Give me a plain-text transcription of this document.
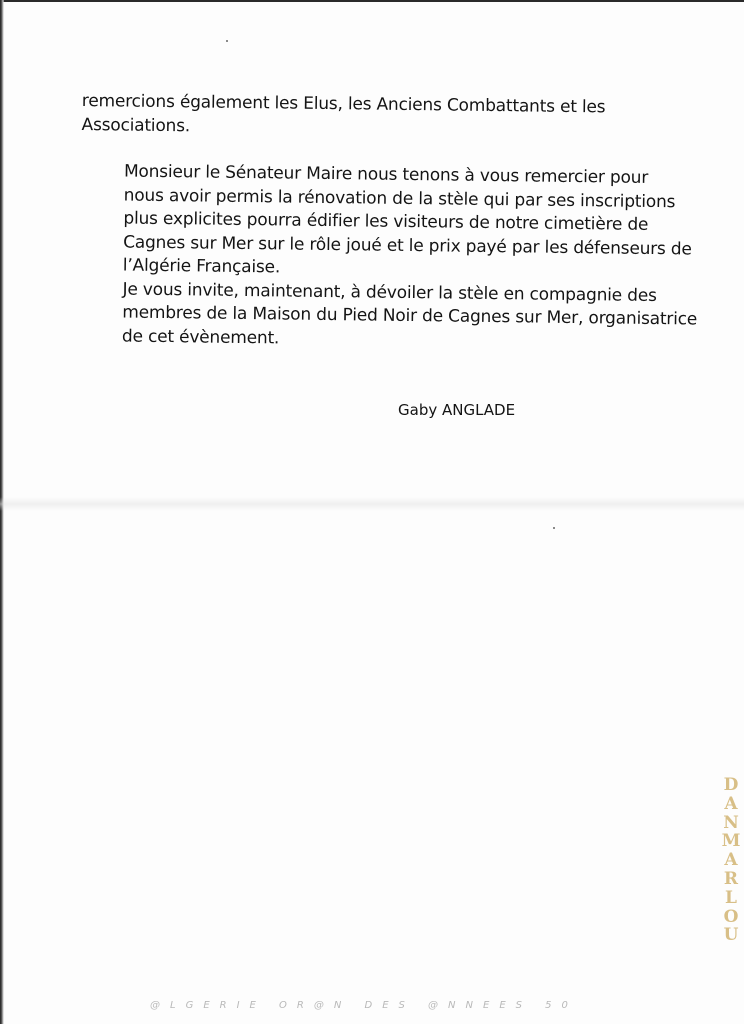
remercions également les Elus, les Anciens Combattants et les
Associations.

Monsieur le Sénateur Maire nous tenons à vous remercier pour
nous avoir permis la rénovation de la stèle qui par ses inscriptions
plus explicites pourra édifier les visiteurs de notre cimetière de
Cagnes sur Mer sur le rôle joué et le prix payé par les défenseurs de
l’Algérie Française.
Je vous invite, maintenant, à dévoiler la stèle en compagnie des
membres de la Maison du Pied Noir de Cagnes sur Mer, organisatrice
de cet évènement.

Gaby ANGLADE
D
A
N
M
A
R
L
O
U
@LGERIE OR@N DES @NNEES 50
